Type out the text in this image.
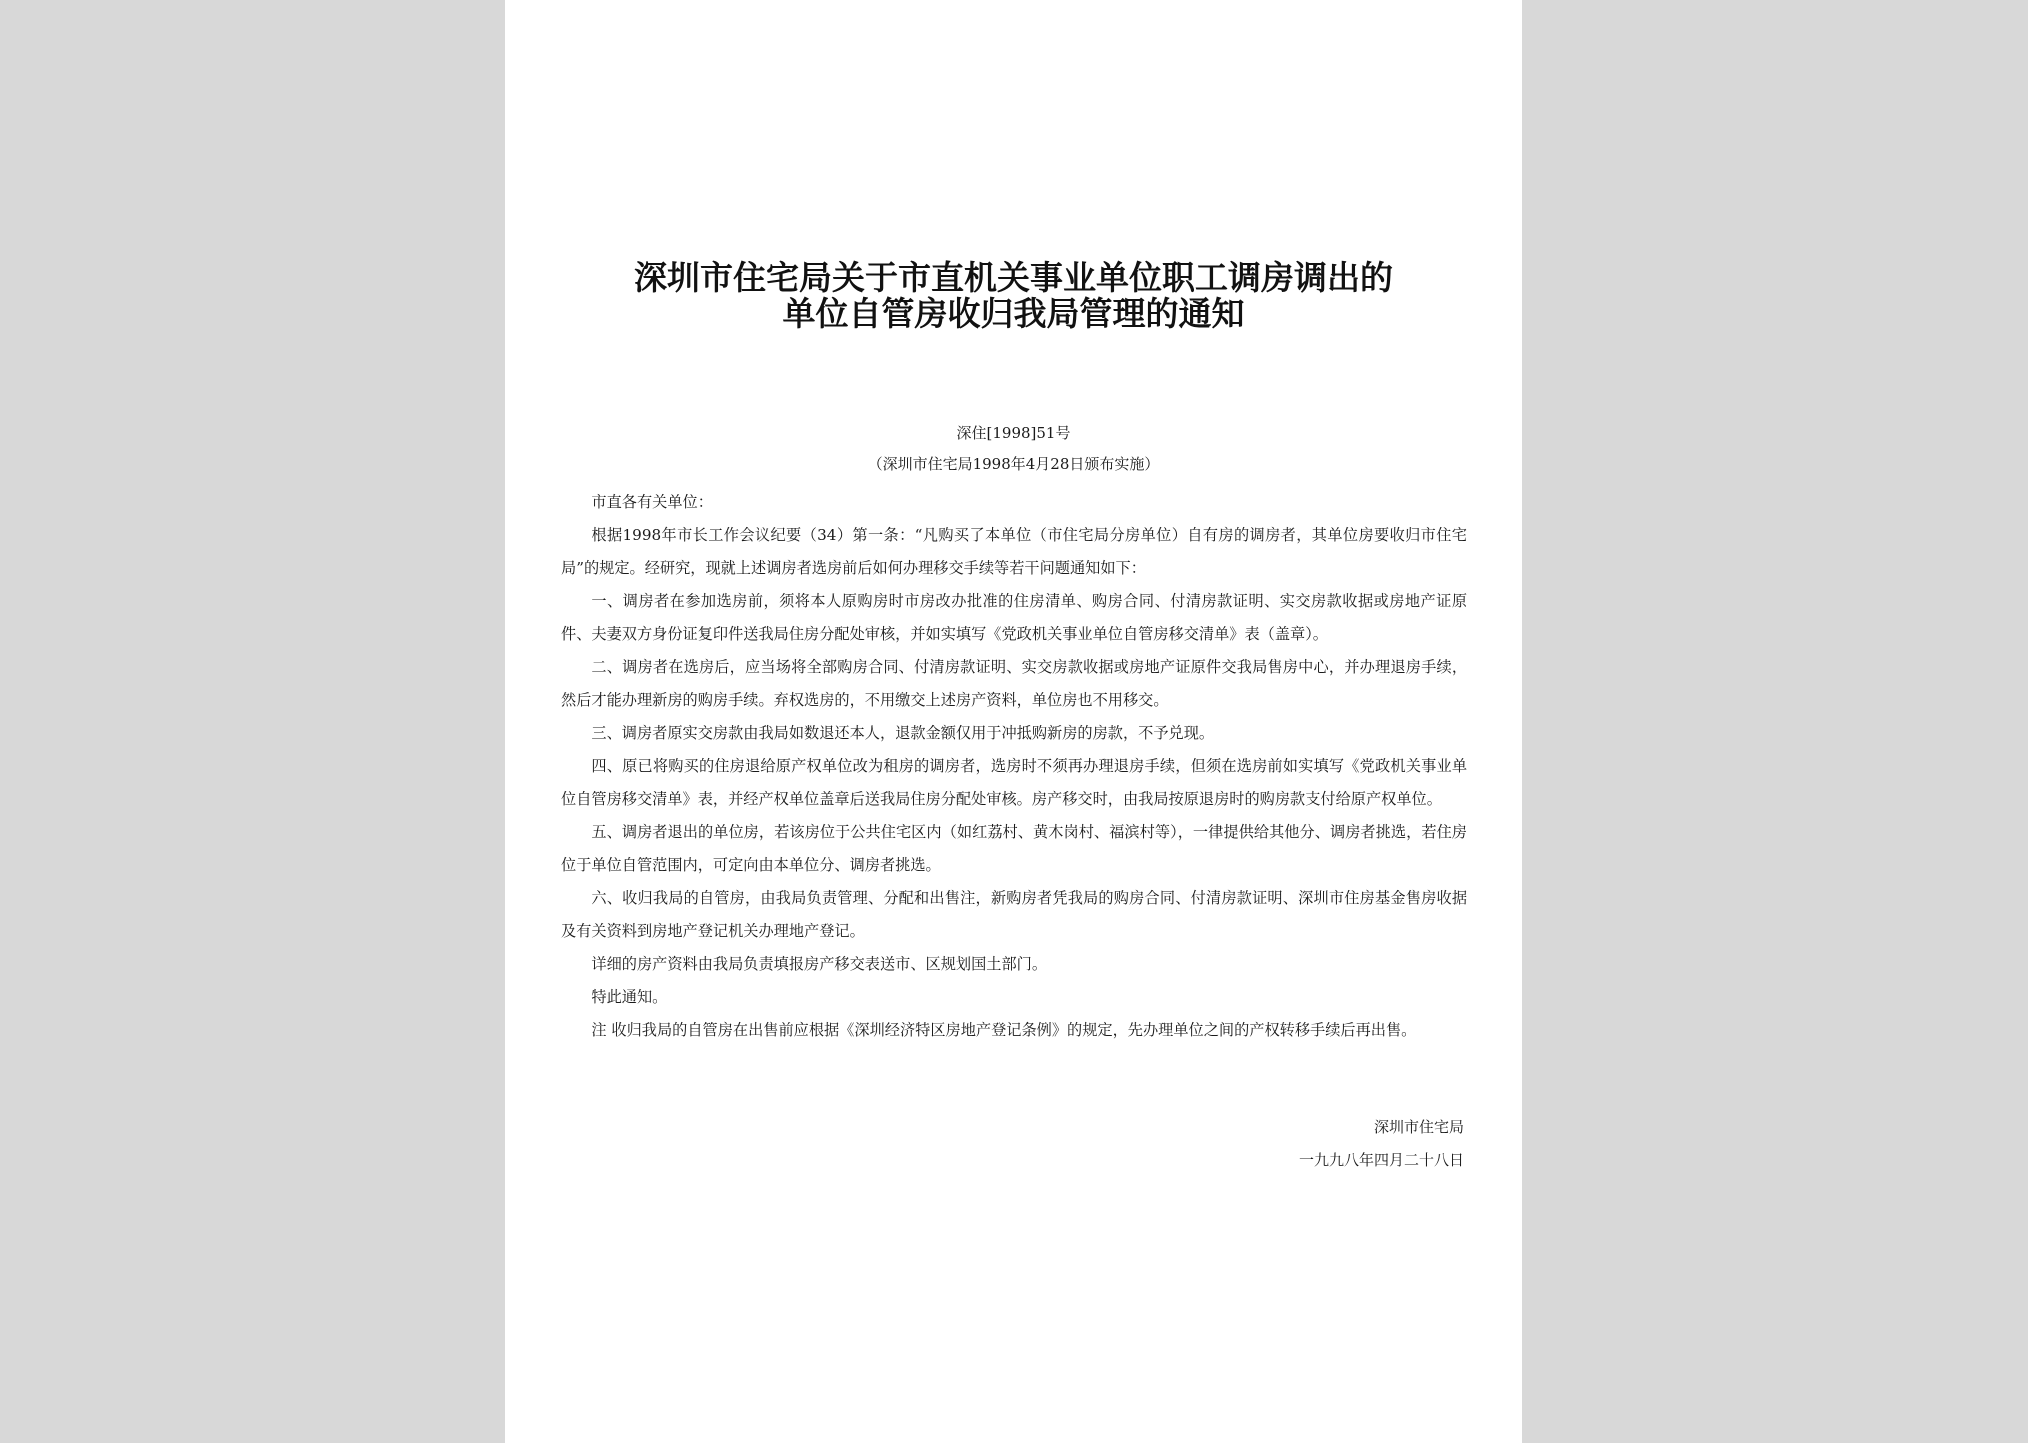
深圳市住宅局关于市直机关事业单位职工调房调出的
单位自管房收归我局管理的通知
深住[1998]51号
（深圳市住宅局1998年4月28日颁布实施）

市直各有关单位：

根据1998年市长工作会议纪要（34）第一条：“凡购买了本单位（市住宅局分房单位）自有房的调房者，其单位房要收归市住宅局”的规定。经研究，现就上述调房者选房前后如何办理移交手续等若干问题通知如下：

一、调房者在参加选房前，须将本人原购房时市房改办批准的住房清单、购房合同、付清房款证明、实交房款收据或房地产证原件、夫妻双方身份证复印件送我局住房分配处审核，并如实填写《党政机关事业单位自管房移交清单》表（盖章）。

二、调房者在选房后，应当场将全部购房合同、付清房款证明、实交房款收据或房地产证原件交我局售房中心，并办理退房手续，然后才能办理新房的购房手续。弃权选房的，不用缴交上述房产资料，单位房也不用移交。

三、调房者原实交房款由我局如数退还本人，退款金额仅用于冲抵购新房的房款，不予兑现。

四、原已将购买的住房退给原产权单位改为租房的调房者，选房时不须再办理退房手续，但须在选房前如实填写《党政机关事业单位自管房移交清单》表，并经产权单位盖章后送我局住房分配处审核。房产移交时，由我局按原退房时的购房款支付给原产权单位。

五、调房者退出的单位房，若该房位于公共住宅区内（如红荔村、黄木岗村、福滨村等），一律提供给其他分、调房者挑选，若住房位于单位自管范围内，可定向由本单位分、调房者挑选。

六、收归我局的自管房，由我局负责管理、分配和出售注，新购房者凭我局的购房合同、付清房款证明、深圳市住房基金售房收据及有关资料到房地产登记机关办理地产登记。

详细的房产资料由我局负责填报房产移交表送市、区规划国土部门。

特此通知。

注 收归我局的自管房在出售前应根据《深圳经济特区房地产登记条例》的规定，先办理单位之间的产权转移手续后再出售。

深圳市住宅局
一九九八年四月二十八日
